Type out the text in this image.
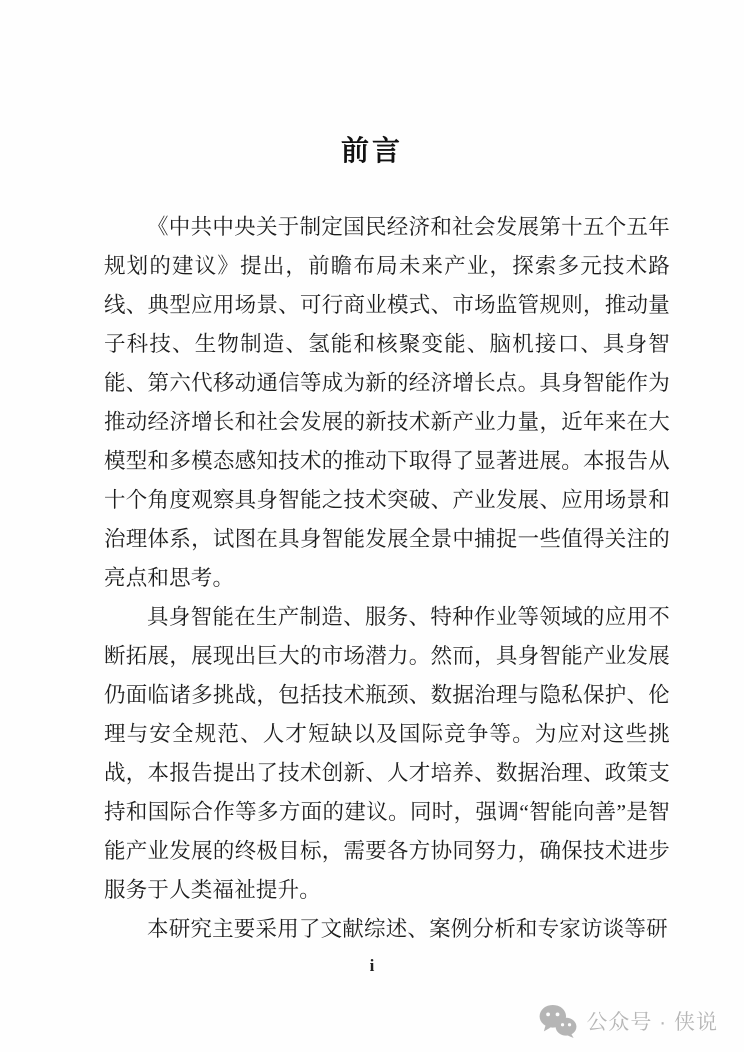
前言

《中共中央关于制定国民经济和社会发展第十五个五年规划的建议》提出，前瞻布局未来产业，探索多元技术路线、典型应用场景、可行商业模式、市场监管规则，推动量子科技、生物制造、氢能和核聚变能、脑机接口、具身智能、第六代移动通信等成为新的经济增长点。具身智能作为推动经济增长和社会发展的新技术新产业力量，近年来在大模型和多模态感知技术的推动下取得了显著进展。本报告从十个角度观察具身智能之技术突破、产业发展、应用场景和治理体系，试图在具身智能发展全景中捕捉一些值得关注的亮点和思考。

具身智能在生产制造、服务、特种作业等领域的应用不断拓展，展现出巨大的市场潜力。然而，具身智能产业发展仍面临诸多挑战，包括技术瓶颈、数据治理与隐私保护、伦理与安全规范、人才短缺以及国际竞争等。为应对这些挑战，本报告提出了技术创新、人才培养、数据治理、政策支持和国际合作等多方面的建议。同时，强调“智能向善”是智能产业发展的终极目标，需要各方协同努力，确保技术进步服务于人类福祉提升。

本研究主要采用了文献综述、案例分析和专家访谈等研

i
公众号 · 侠说
